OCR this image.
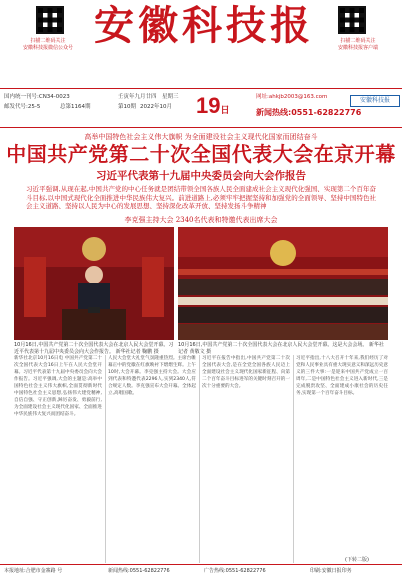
扫描二维码关注
安徽科技报微信公众号 安徽科技报	扫描二维码关注
安徽科技报客户端
国内统一刊号:CN34-0023
邮发代号:25-5	总第1164期
壬寅年九月廿四 星期三
第10期 2022年10月 19日
网址:ahkjb2003@163.com
新闻热线:0551-62822776
安徽科技报
高举中国特色社会主义伟大旗帜 为全面建设社会主义现代化国家而团结奋斗
中国共产党第二十次全国代表大会在京开幕
习近平代表第十九届中央委员会向大会作报告
习近平强调,从现在起,中国共产党的中心任务就是团结带领全国各族人民全面建成社会主义现代化强国、实现第二个百年奋斗目标,以中国式现代化全面推进中华民族伟大复兴。前进道路上,必须牢牢把握坚持和加强党的全面领导、坚持中国特色社会主义道路、坚持以人民为中心的发展思想、坚持深化改革开放、坚持发扬斗争精神
李克强主持大会 2340名代表和特邀代表出席大会
10月16日,中国共产党第二十次全国代表大会在北京人民大会堂开幕。习近平代表第十九届中央委员会向大会作报告。 新华社记者 鞠鹏 摄
10月16日,中国共产党第二十次全国代表大会在北京人民大会堂开幕。这是大会会场。 新华社记者 黄敬文 摄
新华社北京10月16日电 中国共产党第二十次全国代表大会16日上午在人民大会堂开幕。习近平代表第十九届中央委员会向大会作报告。习近平强调,大会的主题是:高举中国特色社会主义伟大旗帜,全面贯彻新时代中国特色社会主义思想,弘扬伟大建党精神,自信自强、守正创新,踔厉奋发、勇毅前行,为全面建设社会主义现代化国家、全面推进中华民族伟大复兴而团结奋斗。
人民大会堂大礼堂气氛隆重热烈。主席台帷幕正中的党徽在红旗映衬下熠熠生辉。上午10时,大会开幕。李克强主持大会。大会应到代表和特邀代表2296人,实到2340人,符合规定人数。李克强宣布大会开幕。全体起立,高唱国歌。
习近平在报告中指出,中国共产党第二十次全国代表大会,是在全党全国各族人民迈上全面建设社会主义现代化国家新征程、向第二个百年奋斗目标进军的关键时刻召开的一次十分重要的大会。
习近平指出,十八大召开十年来,我们经历了对党和人民事业具有重大现实意义和深远历史意义的三件大事:一是迎来中国共产党成立一百周年,二是中国特色社会主义进入新时代,三是完成脱贵攻坚、全面建成小康社会的历史任务,实现第一个百年奋斗目标。
(下转二版)
本报地址:合肥市金寨路 号	新闻热线:0551-62822776	广告热线:0551-62822776	印刷:安徽日报印务
